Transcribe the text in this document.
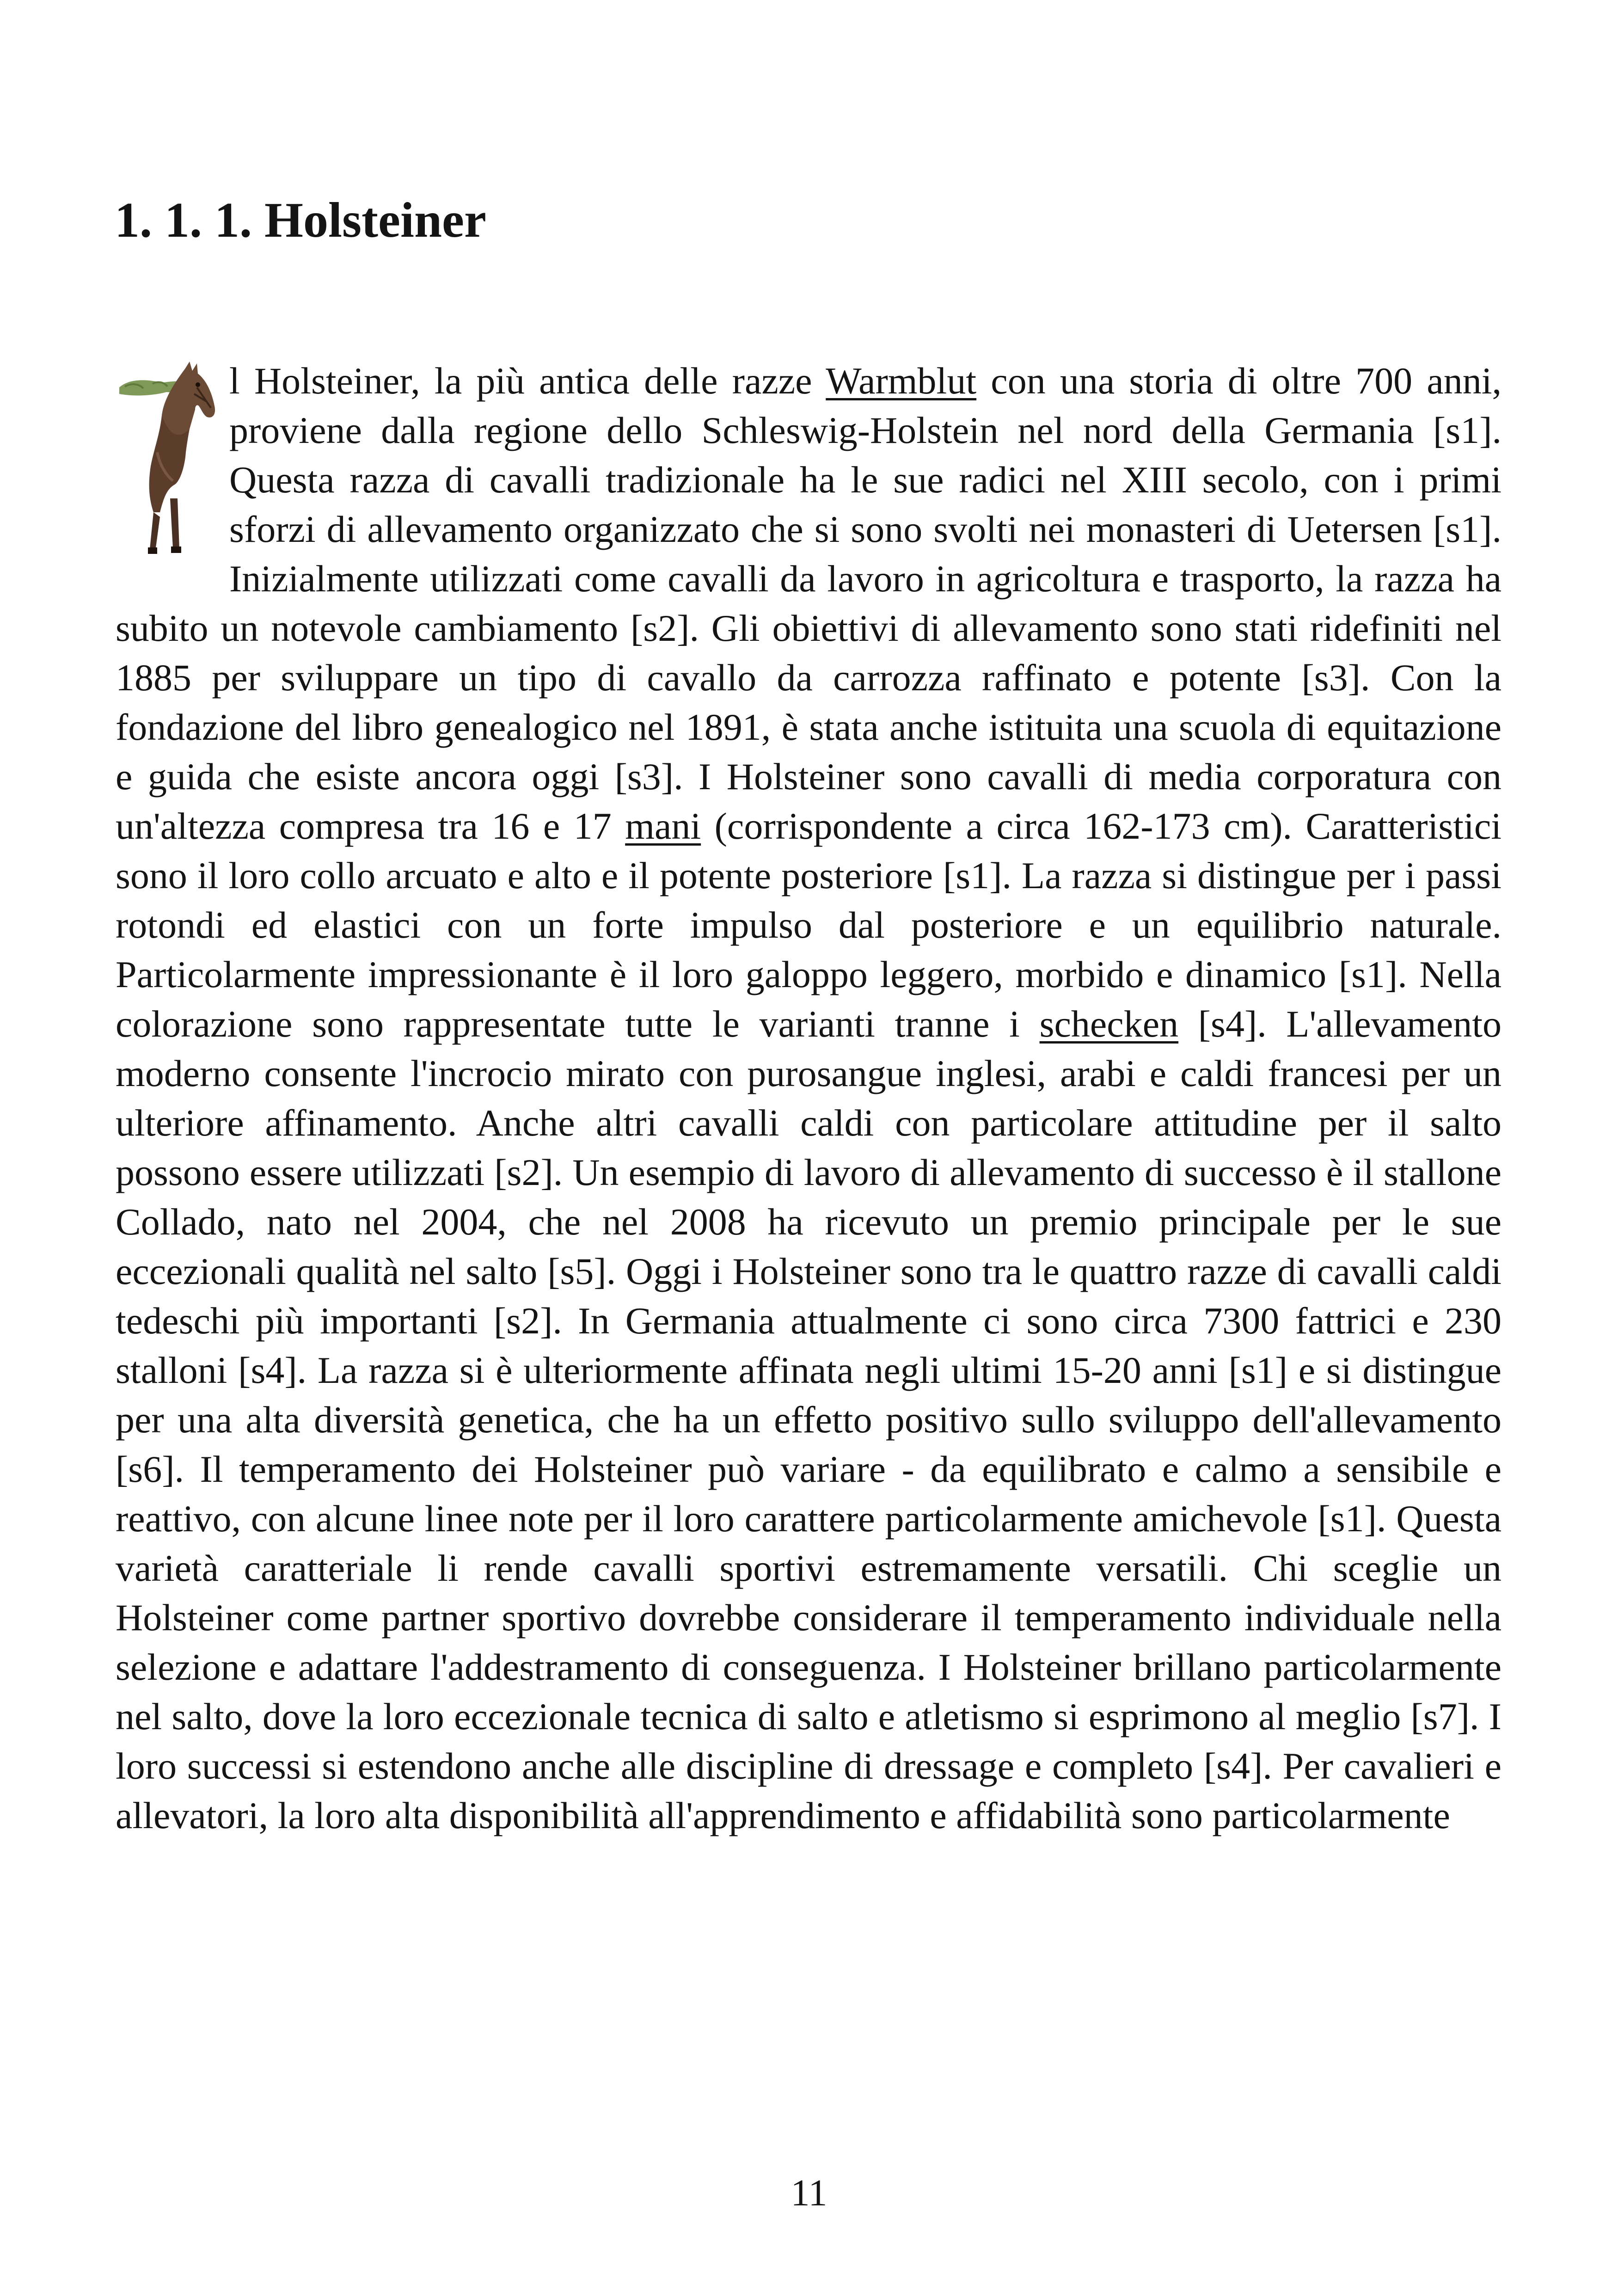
1. 1. 1. Holsteiner

l Holsteiner, la più antica delle razze Warmblut con una storia di oltre 700 anni, proviene dalla regione dello Schleswig-Holstein nel nord della Germania [s1]. Questa razza di cavalli tradizionale ha le sue radici nel XIII secolo, con i primi sforzi di allevamento organizzato che si sono svolti nei monasteri di Uetersen [s1]. Inizialmente utilizzati come cavalli da lavoro in agricoltura e trasporto, la razza ha subito un notevole cambiamento [s2]. Gli obiettivi di allevamento sono stati ridefiniti nel 1885 per sviluppare un tipo di cavallo da carrozza raffinato e potente [s3]. Con la fondazione del libro genealogico nel 1891, è stata anche istituita una scuola di equitazione e guida che esiste ancora oggi [s3]. I Holsteiner sono cavalli di media corporatura con un'altezza compresa tra 16 e 17 mani (corrispondente a circa 162-173 cm). Caratteristici sono il loro collo arcuato e alto e il potente posteriore [s1]. La razza si distingue per i passi rotondi ed elastici con un forte impulso dal posteriore e un equilibrio naturale. Particolarmente impressionante è il loro galoppo leggero, morbido e dinamico [s1]. Nella colorazione sono rappresentate tutte le varianti tranne i schecken [s4]. L'allevamento moderno consente l'incrocio mirato con purosangue inglesi, arabi e caldi francesi per un ulteriore affinamento. Anche altri cavalli caldi con particolare attitudine per il salto possono essere utilizzati [s2]. Un esempio di lavoro di allevamento di successo è il stallone Collado, nato nel 2004, che nel 2008 ha ricevuto un premio principale per le sue eccezionali qualità nel salto [s5]. Oggi i Holsteiner sono tra le quattro razze di cavalli caldi tedeschi più importanti [s2]. In Germania attualmente ci sono circa 7300 fattrici e 230 stalloni [s4]. La razza si è ulteriormente affinata negli ultimi 15-20 anni [s1] e si distingue per una alta diversità genetica, che ha un effetto positivo sullo sviluppo dell'allevamento [s6]. Il temperamento dei Holsteiner può variare - da equilibrato e calmo a sensibile e reattivo, con alcune linee note per il loro carattere particolarmente amichevole [s1]. Questa varietà caratteriale li rende cavalli sportivi estremamente versatili. Chi sceglie un Holsteiner come partner sportivo dovrebbe considerare il temperamento individuale nella selezione e adattare l'addestramento di conseguenza. I Holsteiner brillano particolarmente nel salto, dove la loro eccezionale tecnica di salto e atletismo si esprimono al meglio [s7]. I loro successi si estendono anche alle discipline di dressage e completo [s4]. Per cavalieri e allevatori, la loro alta disponibilità all'apprendimento e affidabilità sono particolarmente

11
